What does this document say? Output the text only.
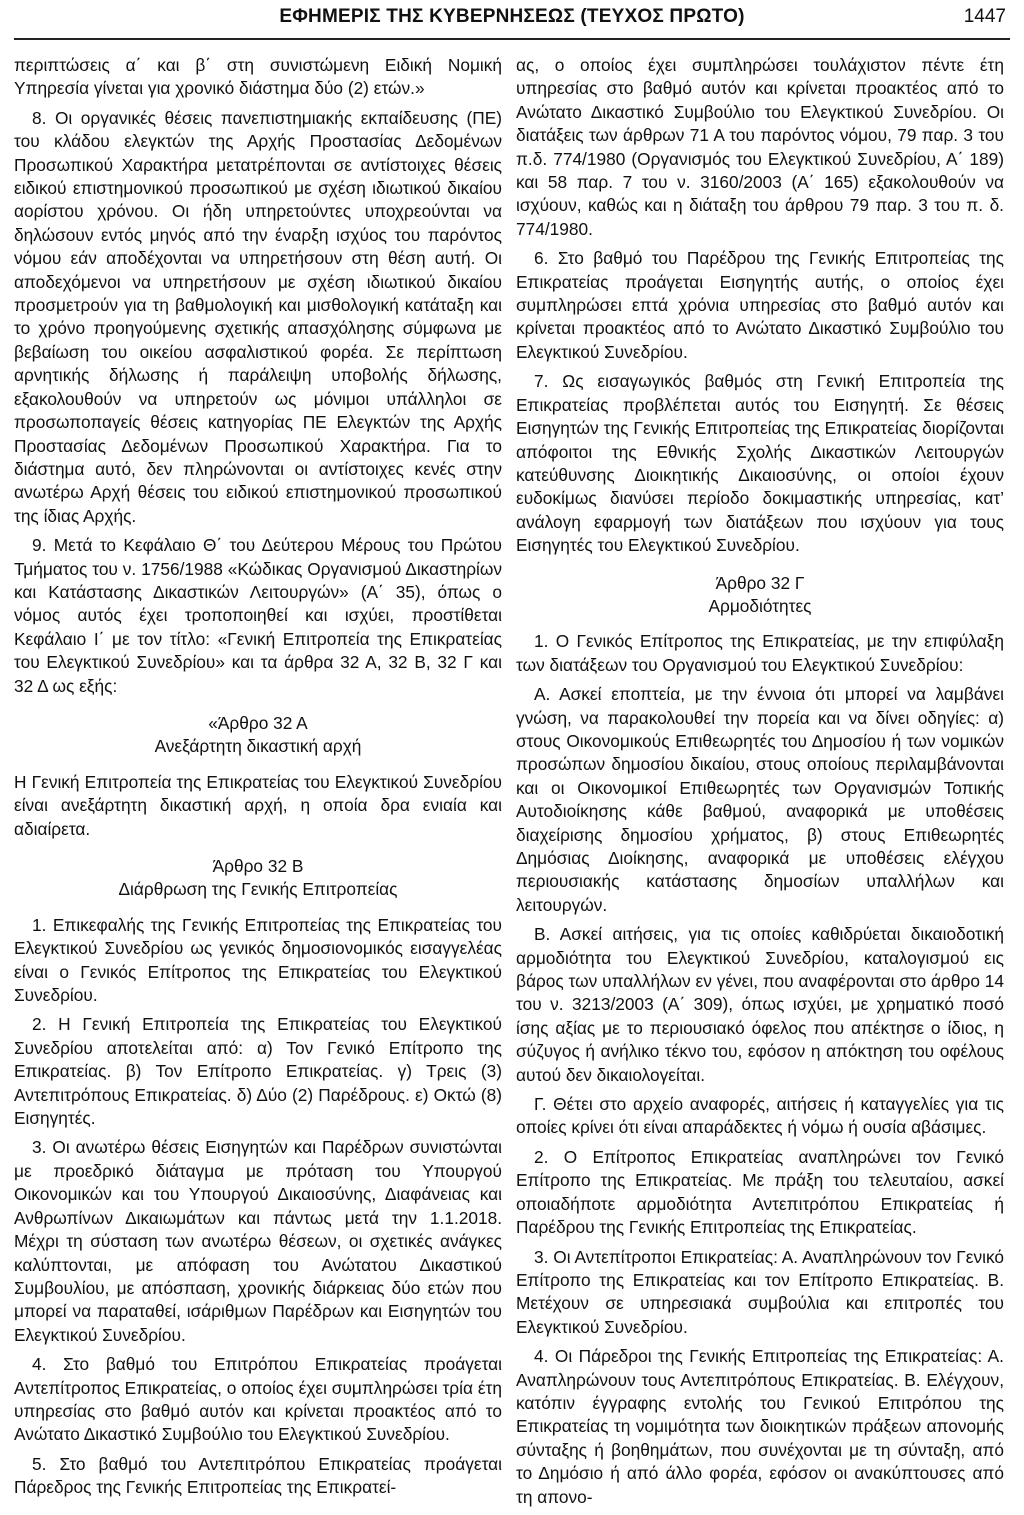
ΕΦΗΜΕΡΙΣ ΤΗΣ ΚΥΒΕΡΝΗΣΕΩΣ (ΤΕΥΧΟΣ ΠΡΩΤΟ)	1447

περιπτώσεις α΄ και β΄ στη συνιστώμενη Ειδική Νομική Υπηρεσία γίνεται για χρονικό διάστημα δύο (2) ετών.»

8. Οι οργανικές θέσεις πανεπιστημιακής εκπαίδευσης (ΠΕ) του κλάδου ελεγκτών της Αρχής Προστασίας Δεδομένων Προσωπικού Χαρακτήρα μετατρέπονται σε αντίστοιχες θέσεις ειδικού επιστημονικού προσωπικού με σχέση ιδιωτικού δικαίου αορίστου χρόνου. Οι ήδη υπηρετούντες υποχρεούνται να δηλώσουν εντός μηνός από την έναρξη ισχύος του παρόντος νόμου εάν αποδέχονται να υπηρετήσουν στη θέση αυτή. Οι αποδεχόμενοι να υπηρετήσουν με σχέση ιδιωτικού δικαίου προσμετρούν για τη βαθμολογική και μισθολογική κατάταξη και το χρόνο προηγούμενης σχετικής απασχόλησης σύμφωνα με βεβαίωση του οικείου ασφαλιστικού φορέα. Σε περίπτωση αρνητικής δήλωσης ή παράλειψη υποβολής δήλωσης, εξακολουθούν να υπηρετούν ως μόνιμοι υπάλληλοι σε προσωποπαγείς θέσεις κατηγορίας ΠΕ Ελεγκτών της Αρχής Προστασίας Δεδομένων Προσωπικού Χαρακτήρα. Για το διάστημα αυτό, δεν πληρώνονται οι αντίστοιχες κενές στην ανωτέρω Αρχή θέσεις του ειδικού επιστημονικού προσωπικού της ίδιας Αρχής.

9. Μετά το Κεφάλαιο Θ΄ του Δεύτερου Μέρους του Πρώτου Τμήματος του ν. 1756/1988 «Κώδικας Οργανισμού Δικαστηρίων και Κατάστασης Δικαστικών Λειτουργών» (Α΄ 35), όπως ο νόμος αυτός έχει τροποποιηθεί και ισχύει, προστίθεται Κεφάλαιο Ι΄ με τον τίτλο: «Γενική Επιτροπεία της Επικρατείας του Ελεγκτικού Συνεδρίου» και τα άρθρα 32 Α, 32 Β, 32 Γ και 32 Δ ως εξής:

«Άρθρο 32 Α
Ανεξάρτητη δικαστική αρχή

Η Γενική Επιτροπεία της Επικρατείας του Ελεγκτικού Συνεδρίου είναι ανεξάρτητη δικαστική αρχή, η οποία δρα ενιαία και αδιαίρετα.

Άρθρο 32 Β
Διάρθρωση της Γενικής Επιτροπείας

1. Επικεφαλής της Γενικής Επιτροπείας της Επικρατείας του Ελεγκτικού Συνεδρίου ως γενικός δημοσιονομικός εισαγγελέας είναι ο Γενικός Επίτροπος της Επικρατείας του Ελεγκτικού Συνεδρίου.

2. Η Γενική Επιτροπεία της Επικρατείας του Ελεγκτικού Συνεδρίου αποτελείται από: α) Τον Γενικό Επίτροπο της Επικρατείας. β) Τον Επίτροπο Επικρατείας. γ) Τρεις (3) Αντεπιτρόπους Επικρατείας. δ) Δύο (2) Παρέδρους. ε) Οκτώ (8) Εισηγητές.

3. Οι ανωτέρω θέσεις Εισηγητών και Παρέδρων συνιστώνται με προεδρικό διάταγμα με πρόταση του Υπουργού Οικονομικών και του Υπουργού Δικαιοσύνης, Διαφάνειας και Ανθρωπίνων Δικαιωμάτων και πάντως μετά την 1.1.2018. Μέχρι τη σύσταση των ανωτέρω θέσεων, οι σχετικές ανάγκες καλύπτονται, με απόφαση του Ανώτατου Δικαστικού Συμβουλίου, με απόσπαση, χρονικής διάρκειας δύο ετών που μπορεί να παραταθεί, ισάριθμων Παρέδρων και Εισηγητών του Ελεγκτικού Συνεδρίου.

4. Στο βαθμό του Επιτρόπου Επικρατείας προάγεται Αντεπίτροπος Επικρατείας, ο οποίος έχει συμπληρώσει τρία έτη υπηρεσίας στο βαθμό αυτόν και κρίνεται προακτέος από το Ανώτατο Δικαστικό Συμβούλιο του Ελεγκτικού Συνεδρίου.

5. Στο βαθμό του Αντεπιτρόπου Επικρατείας προάγεται Πάρεδρος της Γενικής Επιτροπείας της Επικρατεί-

ας, ο οποίος έχει συμπληρώσει τουλάχιστον πέντε έτη υπηρεσίας στο βαθμό αυτόν και κρίνεται προακτέος από το Ανώτατο Δικαστικό Συμβούλιο του Ελεγκτικού Συνεδρίου. Οι διατάξεις των άρθρων 71 Α του παρόντος νόμου, 79 παρ. 3 του π.δ. 774/1980 (Οργανισμός του Ελεγκτικού Συνεδρίου, Α΄ 189) και 58 παρ. 7 του ν. 3160/2003 (Α΄ 165) εξακολουθούν να ισχύουν, καθώς και η διάταξη του άρθρου 79 παρ. 3 του π. δ. 774/1980.

6. Στο βαθμό του Παρέδρου της Γενικής Επιτροπείας της Επικρατείας προάγεται Εισηγητής αυτής, ο οποίος έχει συμπληρώσει επτά χρόνια υπηρεσίας στο βαθμό αυτόν και κρίνεται προακτέος από το Ανώτατο Δικαστικό Συμβούλιο του Ελεγκτικού Συνεδρίου.

7. Ως εισαγωγικός βαθμός στη Γενική Επιτροπεία της Επικρατείας προβλέπεται αυτός του Εισηγητή. Σε θέσεις Εισηγητών της Γενικής Επιτροπείας της Επικρατείας διορίζονται απόφοιτοι της Εθνικής Σχολής Δικαστικών Λειτουργών κατεύθυνσης Διοικητικής Δικαιοσύνης, οι οποίοι έχουν ευδοκίμως διανύσει περίοδο δοκιμαστικής υπηρεσίας, κατ’ ανάλογη εφαρμογή των διατάξεων που ισχύουν για τους Εισηγητές του Ελεγκτικού Συνεδρίου.

Άρθρο 32 Γ
Αρμοδιότητες

1. Ο Γενικός Επίτροπος της Επικρατείας, με την επιφύλαξη των διατάξεων του Οργανισμού του Ελεγκτικού Συνεδρίου:

Α. Ασκεί εποπτεία, με την έννοια ότι μπορεί να λαμβάνει γνώση, να παρακολουθεί την πορεία και να δίνει οδηγίες: α) στους Οικονομικούς Επιθεωρητές του Δημοσίου ή των νομικών προσώπων δημοσίου δικαίου, στους οποίους περιλαμβάνονται και οι Οικονομικοί Επιθεωρητές των Οργανισμών Τοπικής Αυτοδιοίκησης κάθε βαθμού, αναφορικά με υποθέσεις διαχείρισης δημοσίου χρήματος, β) στους Επιθεωρητές Δημόσιας Διοίκησης, αναφορικά με υποθέσεις ελέγχου περιουσιακής κατάστασης δημοσίων υπαλλήλων και λειτουργών.

Β. Ασκεί αιτήσεις, για τις οποίες καθιδρύεται δικαιοδοτική αρμοδιότητα του Ελεγκτικού Συνεδρίου, καταλογισμού εις βάρος των υπαλλήλων εν γένει, που αναφέρονται στο άρθρο 14 του ν. 3213/2003 (Α΄ 309), όπως ισχύει, με χρηματικό ποσό ίσης αξίας με το περιουσιακό όφελος που απέκτησε ο ίδιος, η σύζυγος ή ανήλικο τέκνο του, εφόσον η απόκτηση του οφέλους αυτού δεν δικαιολογείται.

Γ. Θέτει στο αρχείο αναφορές, αιτήσεις ή καταγγελίες για τις οποίες κρίνει ότι είναι απαράδεκτες ή νόμω ή ουσία αβάσιμες.

2. Ο Επίτροπος Επικρατείας αναπληρώνει τον Γενικό Επίτροπο της Επικρατείας. Με πράξη του τελευταίου, ασκεί οποιαδήποτε αρμοδιότητα Αντεπιτρόπου Επικρατείας ή Παρέδρου της Γενικής Επιτροπείας της Επικρατείας.

3. Οι Αντεπίτροποι Επικρατείας: Α. Αναπληρώνουν τον Γενικό Επίτροπο της Επικρατείας και τον Επίτροπο Επικρατείας. Β. Μετέχουν σε υπηρεσιακά συμβούλια και επιτροπές του Ελεγκτικού Συνεδρίου.

4. Οι Πάρεδροι της Γενικής Επιτροπείας της Επικρατείας: Α. Αναπληρώνουν τους Αντεπιτρόπους Επικρατείας. Β. Ελέγχουν, κατόπιν έγγραφης εντολής του Γενικού Επιτρόπου της Επικρατείας τη νομιμότητα των διοικητικών πράξεων απονομής σύνταξης ή βοηθημάτων, που συνέχονται με τη σύνταξη, από το Δημόσιο ή από άλλο φορέα, εφόσον οι ανακύπτουσες από τη απονο-
